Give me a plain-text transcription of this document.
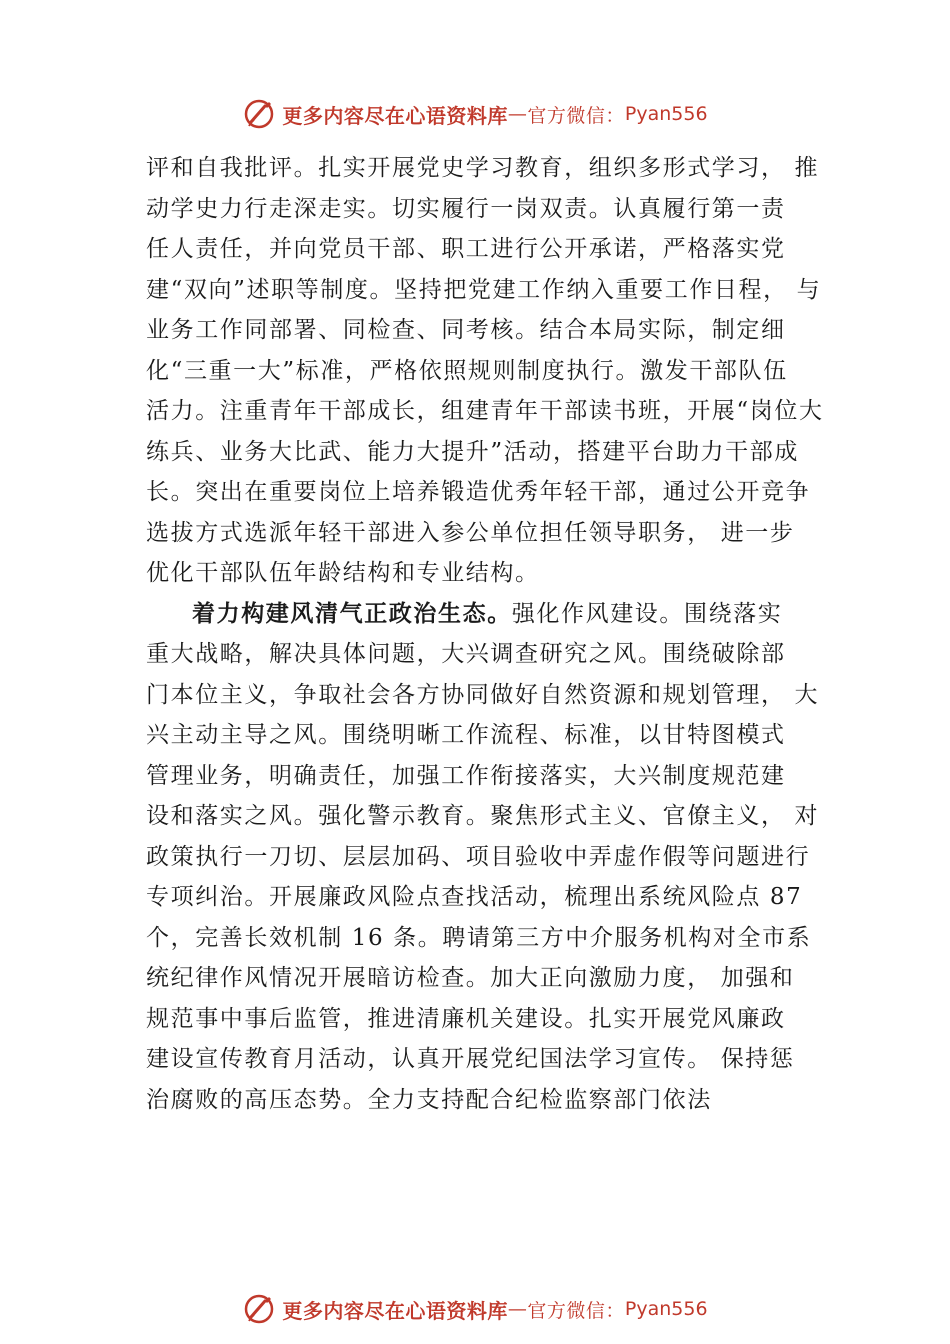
更多内容尽在心语资料库 — 官方微信： Pyan556
评和自我批评。扎实开展党史学习教育，组织多形式学习， 推
动学史力行走深走实。切实履行一岗双责。认真履行第一责
任人责任，并向党员干部、职工进行公开承诺，严格落实党
建“双向”述职等制度。坚持把党建工作纳入重要工作日程， 与
业务工作同部署、同检查、同考核。结合本局实际，制定细
化“三重一大”标准，严格依照规则制度执行。激发干部队伍
活力。注重青年干部成长，组建青年干部读书班，开展“岗位大
练兵、业务大比武、能力大提升”活动，搭建平台助力干部成
长。突出在重要岗位上培养锻造优秀年轻干部，通过公开竞争
选拔方式选派年轻干部进入参公单位担任领导职务， 进一步
优化干部队伍年龄结构和专业结构。
着力构建风清气正政治生态。强化作风建设。围绕落实
重大战略，解决具体问题，大兴调查研究之风。围绕破除部
门本位主义，争取社会各方协同做好自然资源和规划管理， 大
兴主动主导之风。围绕明晰工作流程、标准，以甘特图模式
管理业务，明确责任，加强工作衔接落实，大兴制度规范建
设和落实之风。强化警示教育。聚焦形式主义、官僚主义， 对
政策执行一刀切、层层加码、项目验收中弄虚作假等问题进行
专项纠治。开展廉政风险点查找活动，梳理出系统风险点 87
个，完善长效机制 16 条。聘请第三方中介服务机构对全市系
统纪律作风情况开展暗访检查。加大正向激励力度， 加强和
规范事中事后监管，推进清廉机关建设。扎实开展党风廉政
建设宣传教育月活动，认真开展党纪国法学习宣传。 保持惩
治腐败的高压态势。全力支持配合纪检监察部门依法
更多内容尽在心语资料库 — 官方微信： Pyan556
